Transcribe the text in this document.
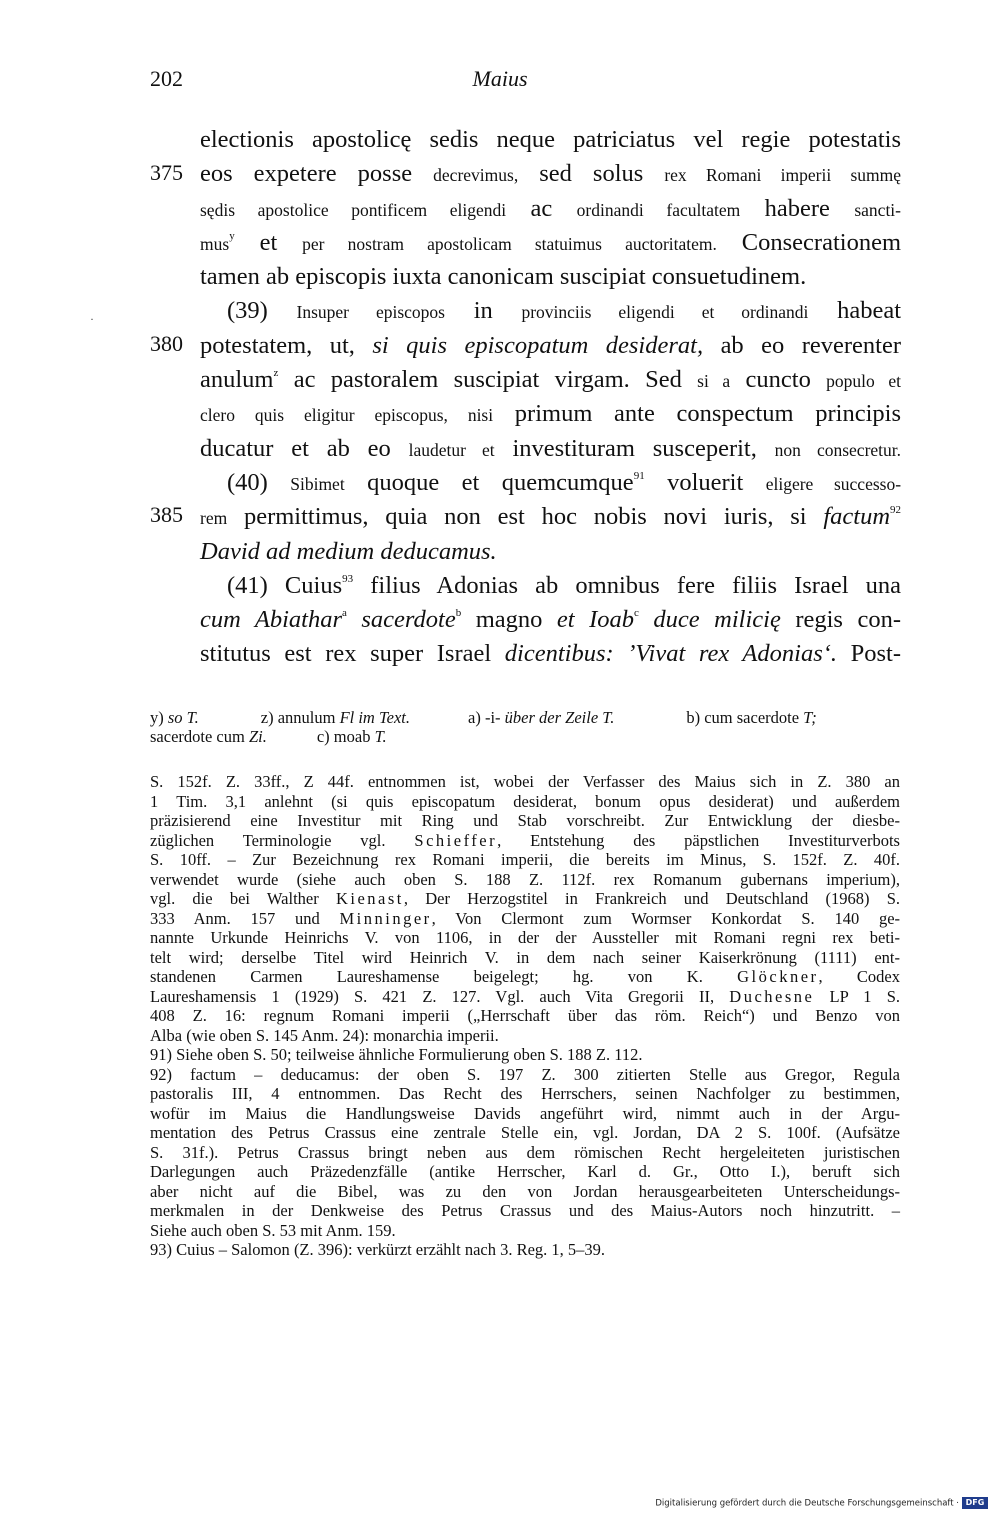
202	Maius
375
380
385
·
electionis apostolicę sedis neque patriciatus vel regie potestatis
eos expetere posse decrevimus, sed solus rex Romani imperii summę
sędis apostolice pontificem eligendi ac ordinandi facultatem habere sancti-
mus$^y$ et per nostram apostolicam statuimus auctoritatem. Consecrationem
tamen ab episcopis iuxta canonicam suscipiat consuetudinem.
(39) Insuper episcopos in provinciis eligendi et ordinandi habeat
potestatem, ut, si quis episcopatum desiderat, ab eo reverenter
anulum$^z$ ac pastoralem suscipiat virgam. Sed si a cuncto populo et
clero quis eligitur episcopus, nisi primum ante conspectum principis
ducatur et ab eo laudetur et investituram susceperit, non consecretur.
(40) Sibimet quoque et quemcumque$^{91}$ voluerit eligere successo-
rem permittimus, quia non est hoc nobis novi iuris, si factum$^{92}$
David ad medium deducamus.
(41) Cuius$^{93}$ filius Adonias ab omnibus fere filiis Israel una
cum Abiathar$^a$ sacerdote$^b$ magno et Ioab$^c$ duce milicię regis con-
stitutus est rex super Israel dicentibus: ’Vivat rex Adonias‘. Post-
y) so T.	z) annulum Fl im Text.	a) -i- über der Zeile T.	b) cum sacerdote T;
sacerdote cum Zi.	c) moab T.
S. 152f. Z. 33ff., Z 44f. entnommen ist, wobei der Verfasser des Maius sich in Z. 380 an
1 Tim. 3,1 anlehnt (si quis episcopatum desiderat, bonum opus desiderat) und außerdem
präzisierend eine Investitur mit Ring und Stab vorschreibt. Zur Entwicklung der diesbe-
züglichen Terminologie vgl. Schieffer, Entstehung des päpstlichen Investiturverbots
S. 10ff. – Zur Bezeichnung rex Romani imperii, die bereits im Minus, S. 152f. Z. 40f.
verwendet wurde (siehe auch oben S. 188 Z. 112f. rex Romanum gubernans imperium),
vgl. die bei Walther Kienast, Der Herzogstitel in Frankreich und Deutschland (1968) S.
333 Anm. 157 und Minninger, Von Clermont zum Wormser Konkordat S. 140 ge-
nannte Urkunde Heinrichs V. von 1106, in der der Aussteller mit Romani regni rex beti-
telt wird; derselbe Titel wird Heinrich V. in dem nach seiner Kaiserkrönung (1111) ent-
standenen Carmen Laureshamense beigelegt; hg. von K. Glöckner, Codex
Laureshamensis 1 (1929) S. 421 Z. 127. Vgl. auch Vita Gregorii II, Duchesne LP 1 S.
408 Z. 16: regnum Romani imperii („Herrschaft über das röm. Reich“) und Benzo von
Alba (wie oben S. 145 Anm. 24): monarchia imperii.
91) Siehe oben S. 50; teilweise ähnliche Formulierung oben S. 188 Z. 112.
92) factum – deducamus: der oben S. 197 Z. 300 zitierten Stelle aus Gregor, Regula
pastoralis III, 4 entnommen. Das Recht des Herrschers, seinen Nachfolger zu bestimmen,
wofür im Maius die Handlungsweise Davids angeführt wird, nimmt auch in der Argu-
mentation des Petrus Crassus eine zentrale Stelle ein, vgl. Jordan, DA 2 S. 100f. (Aufsätze
S. 31f.). Petrus Crassus bringt neben aus dem römischen Recht hergeleiteten juristischen
Darlegungen auch Präzedenzfälle (antike Herrscher, Karl d. Gr., Otto I.), beruft sich
aber nicht auf die Bibel, was zu den von Jordan herausgearbeiteten Unterscheidungs-
merkmalen in der Denkweise des Petrus Crassus und des Maius-Autors noch hinzutritt. –
Siehe auch oben S. 53 mit Anm. 159.
93) Cuius – Salomon (Z. 396): verkürzt erzählt nach 3. Reg. 1, 5–39.
Digitalisierung gefördert durch die Deutsche Forschungsgemeinschaft · DFG
